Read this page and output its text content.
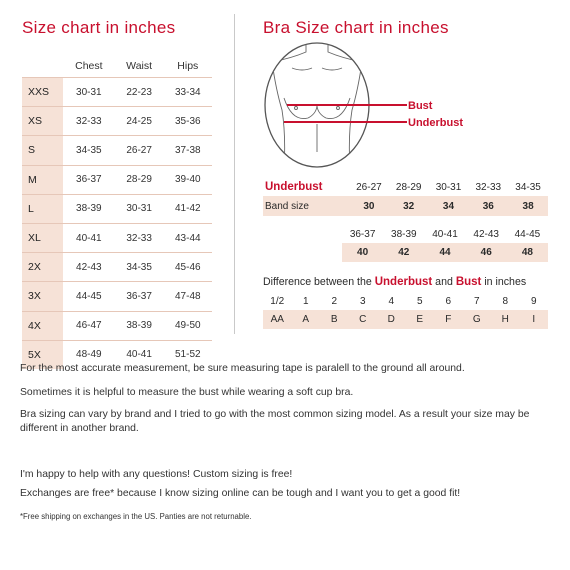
Size chart in inches
	Chest	Waist	Hips
XXS	30-31	22-23	33-34
XS	32-33	24-25	35-36
S	34-35	26-27	37-38
M	36-37	28-29	39-40
L	38-39	30-31	41-42
XL	40-41	32-33	43-44
2X	42-43	34-35	45-46
3X	44-45	36-37	47-48
4X	46-47	38-39	49-50
5X	48-49	40-41	51-52
Bra Size chart in inches
Bust
Underbust
Underbust	26-27	28-29	30-31	32-33	34-35
Band size	30	32	34	36	38
36-37	38-39	40-41	42-43	44-45
40	42	44	46	48
Difference between the Underbust and Bust in inches
1/2	1	2	3	4	5	6	7	8	9
AA	A	B	C	D	E	F	G	H	I
For the most accurate measurement, be sure measuring tape is paralell to the ground all around.
Sometimes it is helpful to measure the bust while wearing a soft cup bra.
Bra sizing can vary by brand and I tried to go with the most common sizing model. As a result your size may be different in another brand.
I'm happy to help with any questions! Custom sizing is free!
Exchanges are free* because I know sizing online can be tough and I want you to get a good fit!
*Free shipping on exchanges in the US. Panties are not returnable.
